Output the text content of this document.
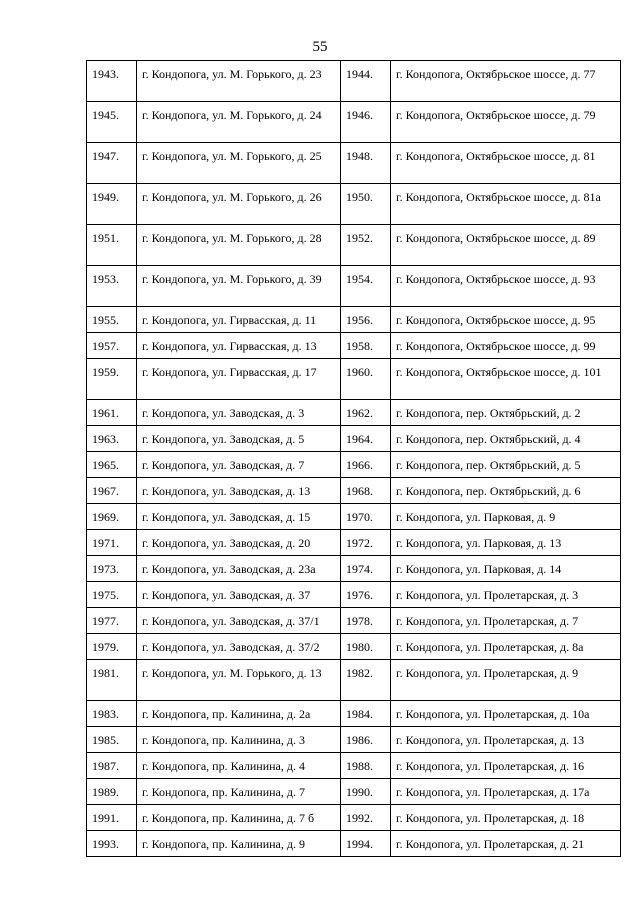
55
1943.	г. Кондопога, ул. М. Горького, д. 23	1944.	г. Кондопога, Октябрьское шоссе, д. 77
1945.	г. Кондопога, ул. М. Горького, д. 24	1946.	г. Кондопога, Октябрьское шоссе, д. 79
1947.	г. Кондопога, ул. М. Горького, д. 25	1948.	г. Кондопога, Октябрьское шоссе, д. 81
1949.	г. Кондопога, ул. М. Горького, д. 26	1950.	г. Кондопога, Октябрьское шоссе, д. 81а
1951.	г. Кондопога, ул. М. Горького, д. 28	1952.	г. Кондопога, Октябрьское шоссе, д. 89
1953.	г. Кондопога, ул. М. Горького, д. 39	1954.	г. Кондопога, Октябрьское шоссе, д. 93
1955.	г. Кондопога, ул. Гирвасская, д. 11	1956.	г. Кондопога, Октябрьское шоссе, д. 95
1957.	г. Кондопога, ул. Гирвасская, д. 13	1958.	г. Кондопога, Октябрьское шоссе, д. 99
1959.	г. Кондопога, ул. Гирвасская, д. 17	1960.	г. Кондопога, Октябрьское шоссе, д. 101
1961.	г. Кондопога, ул. Заводская, д. 3	1962.	г. Кондопога, пер. Октябрьский, д. 2
1963.	г. Кондопога, ул. Заводская, д. 5	1964.	г. Кондопога, пер. Октябрьский, д. 4
1965.	г. Кондопога, ул. Заводская, д. 7	1966.	г. Кондопога, пер. Октябрьский, д. 5
1967.	г. Кондопога, ул. Заводская, д. 13	1968.	г. Кондопога, пер. Октябрьский, д. 6
1969.	г. Кондопога, ул. Заводская, д. 15	1970.	г. Кондопога, ул. Парковая, д. 9
1971.	г. Кондопога, ул. Заводская, д. 20	1972.	г. Кондопога, ул. Парковая, д. 13
1973.	г. Кондопога, ул. Заводская, д. 23а	1974.	г. Кондопога, ул. Парковая, д. 14
1975.	г. Кондопога, ул. Заводская, д. 37	1976.	г. Кондопога, ул. Пролетарская, д. 3
1977.	г. Кондопога, ул. Заводская, д. 37/1	1978.	г. Кондопога, ул. Пролетарская, д. 7
1979.	г. Кондопога, ул. Заводская, д. 37/2	1980.	г. Кондопога, ул. Пролетарская, д. 8а
1981.	г. Кондопога, ул. М. Горького, д. 13	1982.	г. Кондопога, ул. Пролетарская, д. 9
1983.	г. Кондопога, пр. Калинина, д. 2а	1984.	г. Кондопога, ул. Пролетарская, д. 10а
1985.	г. Кондопога, пр. Калинина, д. 3	1986.	г. Кондопога, ул. Пролетарская, д. 13
1987.	г. Кондопога, пр. Калинина, д. 4	1988.	г. Кондопога, ул. Пролетарская, д. 16
1989.	г. Кондопога, пр. Калинина, д. 7	1990.	г. Кондопога, ул. Пролетарская, д. 17а
1991.	г. Кондопога, пр. Калинина, д. 7 б	1992.	г. Кондопога, ул. Пролетарская, д. 18
1993.	г. Кондопога, пр. Калинина, д. 9	1994.	г. Кондопога, ул. Пролетарская, д. 21
